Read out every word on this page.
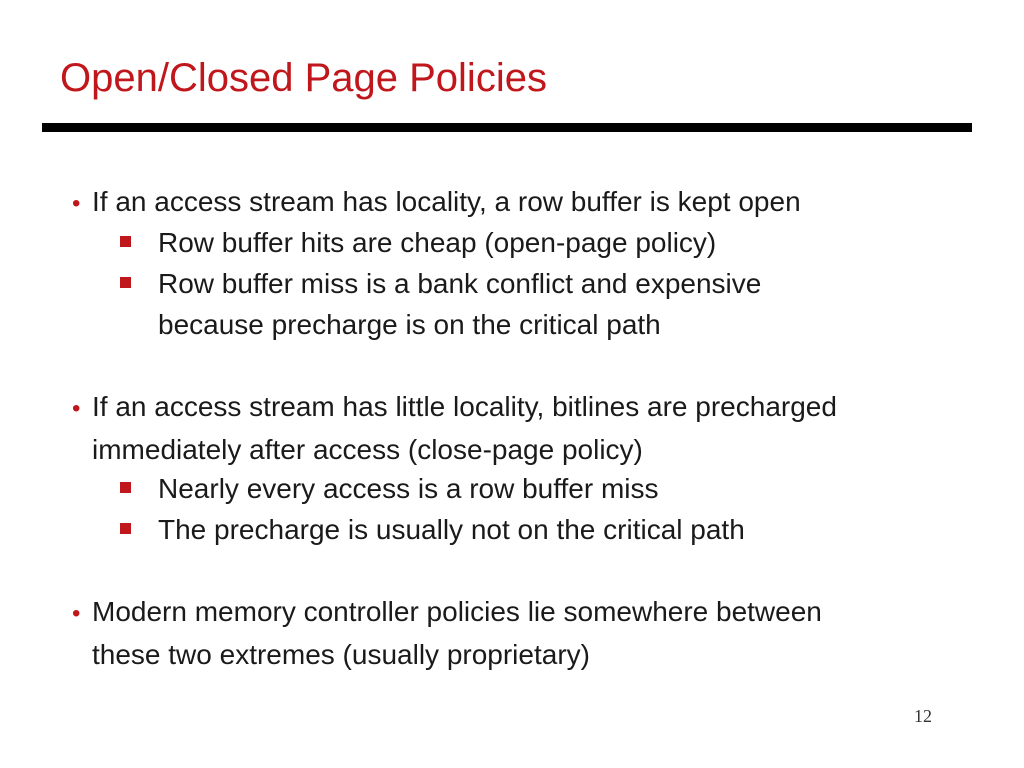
Open/Closed Page Policies
• If an access stream has locality, a row buffer is kept open
Row buffer hits are cheap (open-page policy)
Row buffer miss is a bank conflict and expensive
because precharge is on the critical path
• If an access stream has little locality, bitlines are precharged
immediately after access (close-page policy)
Nearly every access is a row buffer miss
The precharge is usually not on the critical path
• Modern memory controller policies lie somewhere between
these two extremes (usually proprietary)
12
